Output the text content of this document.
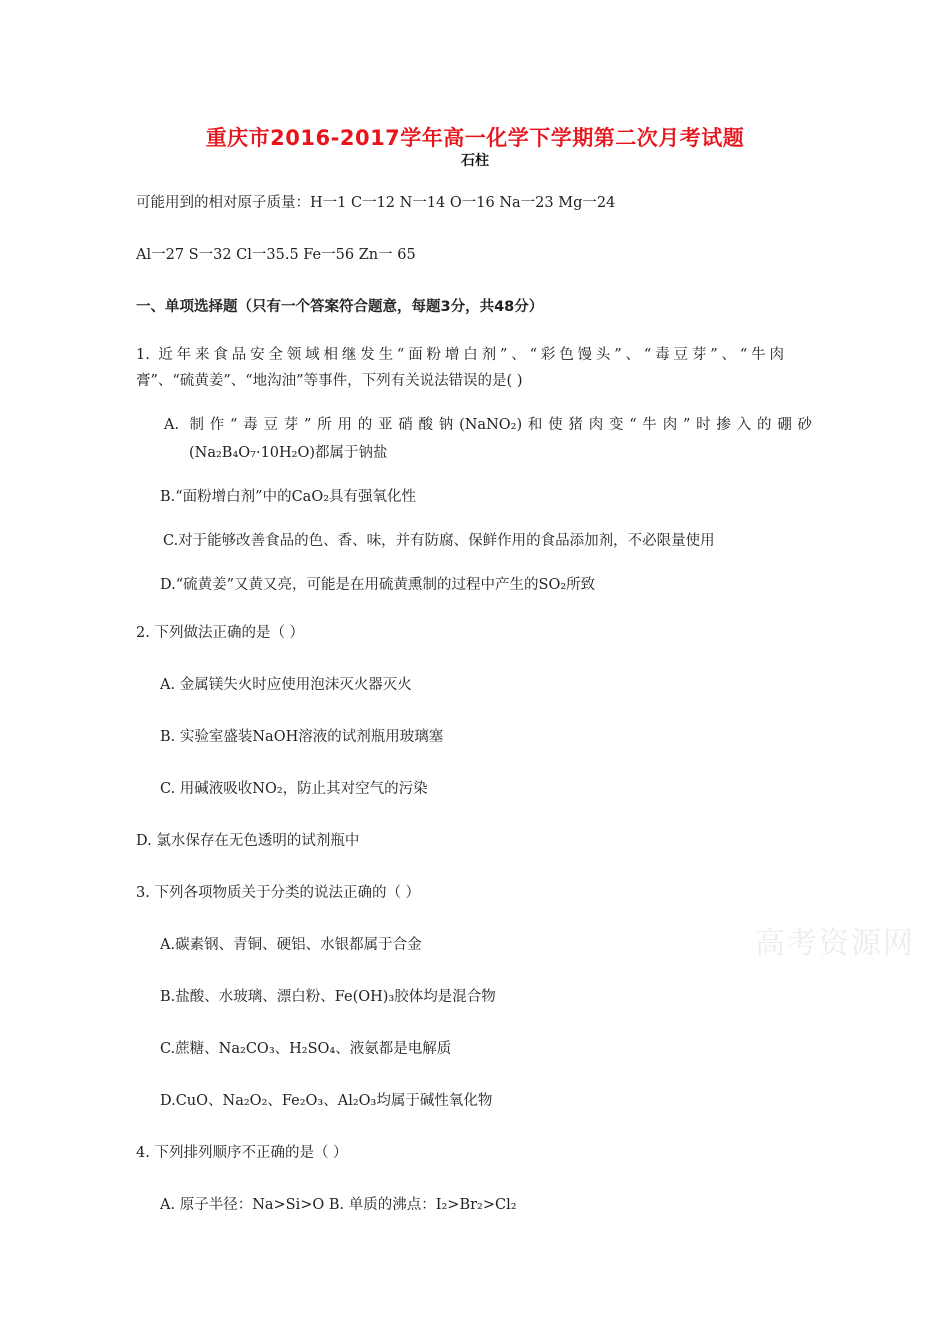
重庆市2016-2017学年高一化学下学期第二次月考试题
石柱
可能用到的相对原子质量：H一1 C一12 N一14 O一16 Na一23 Mg一24
Al一27 S一32 Cl一35.5 Fe一56 Zn一 65
一、单项选择题（只有一个答案符合题意，每题3分，共48分）
1. 近年来食品安全领域相继发生“面粉增白剂”、“彩色馒头”、“毒豆芽”、“牛肉
膏”、“硫黄姜”、“地沟油”等事件，下列有关说法错误的是( )
A. 制作“毒豆芽”所用的亚硝酸钠(NaNO₂)和使猪肉变“牛肉”时掺入的硼砂
(Na₂B₄O₇·10H₂O)都属于钠盐
B.“面粉增白剂”中的CaO₂具有强氧化性
C.对于能够改善食品的色、香、味，并有防腐、保鲜作用的食品添加剂，不必限量使用
D.“硫黄姜”又黄又亮，可能是在用硫黄熏制的过程中产生的SO₂所致
2. 下列做法正确的是（ ）
A. 金属镁失火时应使用泡沫灭火器灭火
B. 实验室盛装NaOH溶液的试剂瓶用玻璃塞
C. 用碱液吸收NO₂，防止其对空气的污染
D. 氯水保存在无色透明的试剂瓶中
3. 下列各项物质关于分类的说法正确的（ ）
A.碳素钢、青铜、硬铝、水银都属于合金
B.盐酸、水玻璃、漂白粉、Fe(OH)₃胶体均是混合物
C.蔗糖、Na₂CO₃、H₂SO₄、液氨都是电解质
D.CuO、Na₂O₂、Fe₂O₃、Al₂O₃均属于碱性氧化物
4. 下列排列顺序不正确的是（ ）
A. 原子半径：Na>Si>O B. 单质的沸点：I₂>Br₂>Cl₂
高考资源网
